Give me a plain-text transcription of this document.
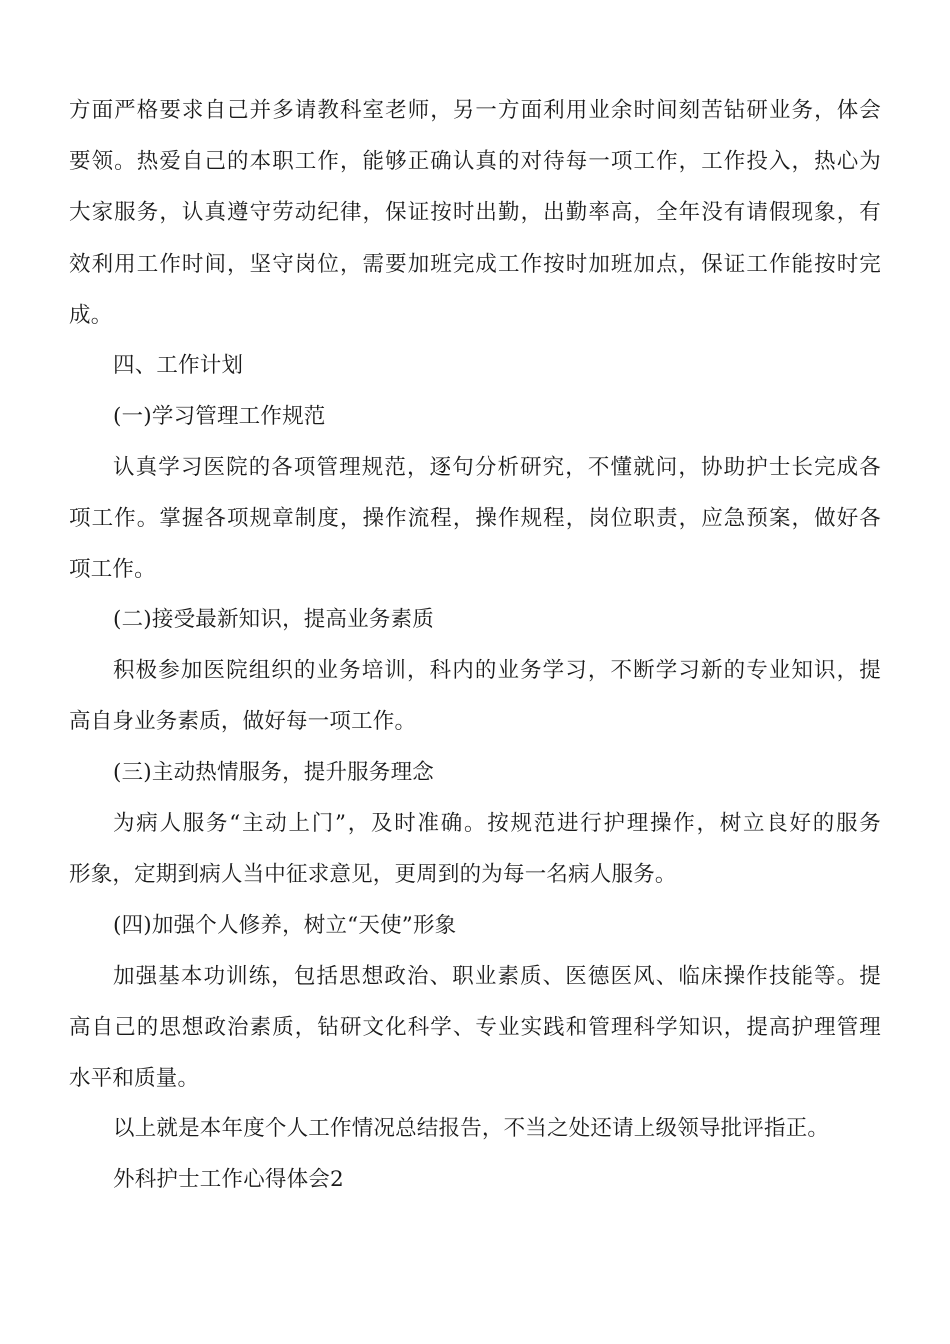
方面严格要求自己并多请教科室老师，另一方面利用业余时间刻苦钻研业务，体会
要领。热爱自己的本职工作，能够正确认真的对待每一项工作，工作投入，热心为
大家服务，认真遵守劳动纪律，保证按时出勤，出勤率高，全年没有请假现象，有
效利用工作时间，坚守岗位，需要加班完成工作按时加班加点，保证工作能按时完
成。
四、工作计划
(一)学习管理工作规范
认真学习医院的各项管理规范，逐句分析研究，不懂就问，协助护士长完成各
项工作。掌握各项规章制度，操作流程，操作规程，岗位职责，应急预案，做好各
项工作。
(二)接受最新知识，提高业务素质
积极参加医院组织的业务培训，科内的业务学习，不断学习新的专业知识，提
高自身业务素质，做好每一项工作。
(三)主动热情服务，提升服务理念
为病人服务“主动上门”，及时准确。按规范进行护理操作，树立良好的服务
形象，定期到病人当中征求意见，更周到的为每一名病人服务。
(四)加强个人修养，树立“天使”形象
加强基本功训练，包括思想政治、职业素质、医德医风、临床操作技能等。提
高自己的思想政治素质，钻研文化科学、专业实践和管理科学知识，提高护理管理
水平和质量。
以上就是本年度个人工作情况总结报告，不当之处还请上级领导批评指正。
外科护士工作心得体会2
